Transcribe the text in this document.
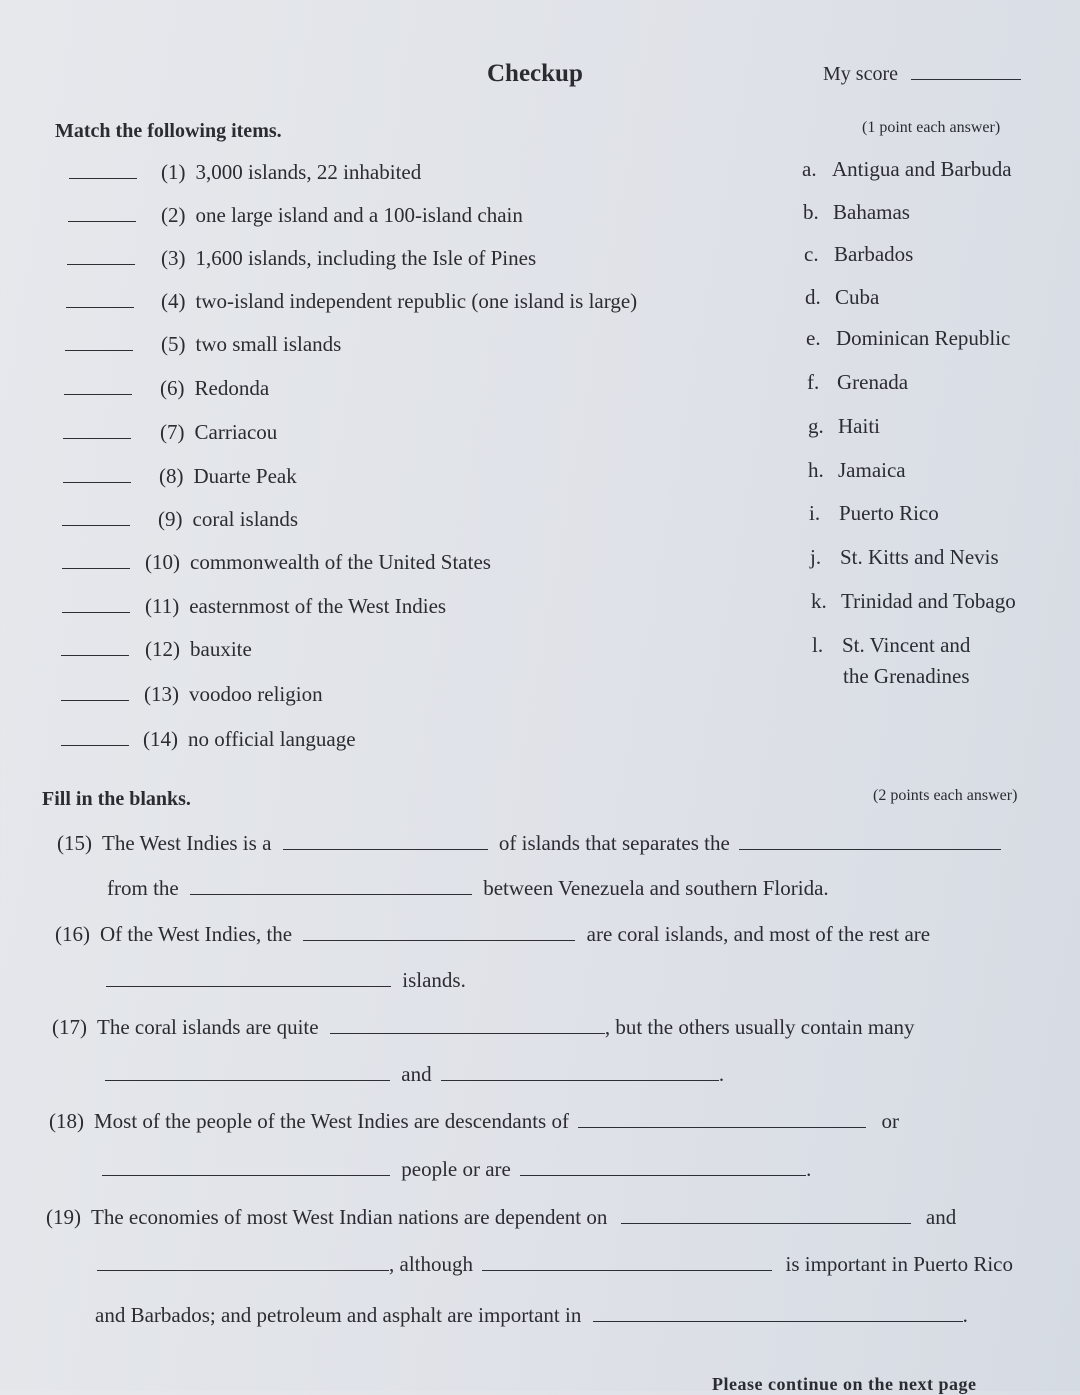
Checkup	My score
Match the following items.	(1 point each answer)
(1) 3,000 islands, 22 inhabited
(2) one large island and a 100-island chain
(3) 1,600 islands, including the Isle of Pines
(4) two-island independent republic (one island is large)
(5) two small islands
(6) Redonda
(7) Carriacou
(8) Duarte Peak
(9) coral islands
(10) commonwealth of the United States
(11) easternmost of the West Indies
(12) bauxite
(13) voodoo religion
(14) no official language
a. Antigua and Barbuda
b. Bahamas
c. Barbados
d. Cuba
e. Dominican Republic
f. Grenada
g. Haiti
h. Jamaica
i. Puerto Rico
j. St. Kitts and Nevis
k. Trinidad and Tobago
l. St. Vincent and
the Grenadines
Fill in the blanks.	(2 points each answer)
(15) The West Indies is a	of islands that separates the
from the	between Venezuela and southern Florida.
(16) Of the West Indies, the	are coral islands, and most of the rest are
islands.
(17) The coral islands are quite	, but the others usually contain many
and	.
(18) Most of the people of the West Indies are descendants of	or
people or are	.
(19) The economies of most West Indian nations are dependent on	and
, although	is important in Puerto Rico
and Barbados; and petroleum and asphalt are important in	.
Please continue on the next page
